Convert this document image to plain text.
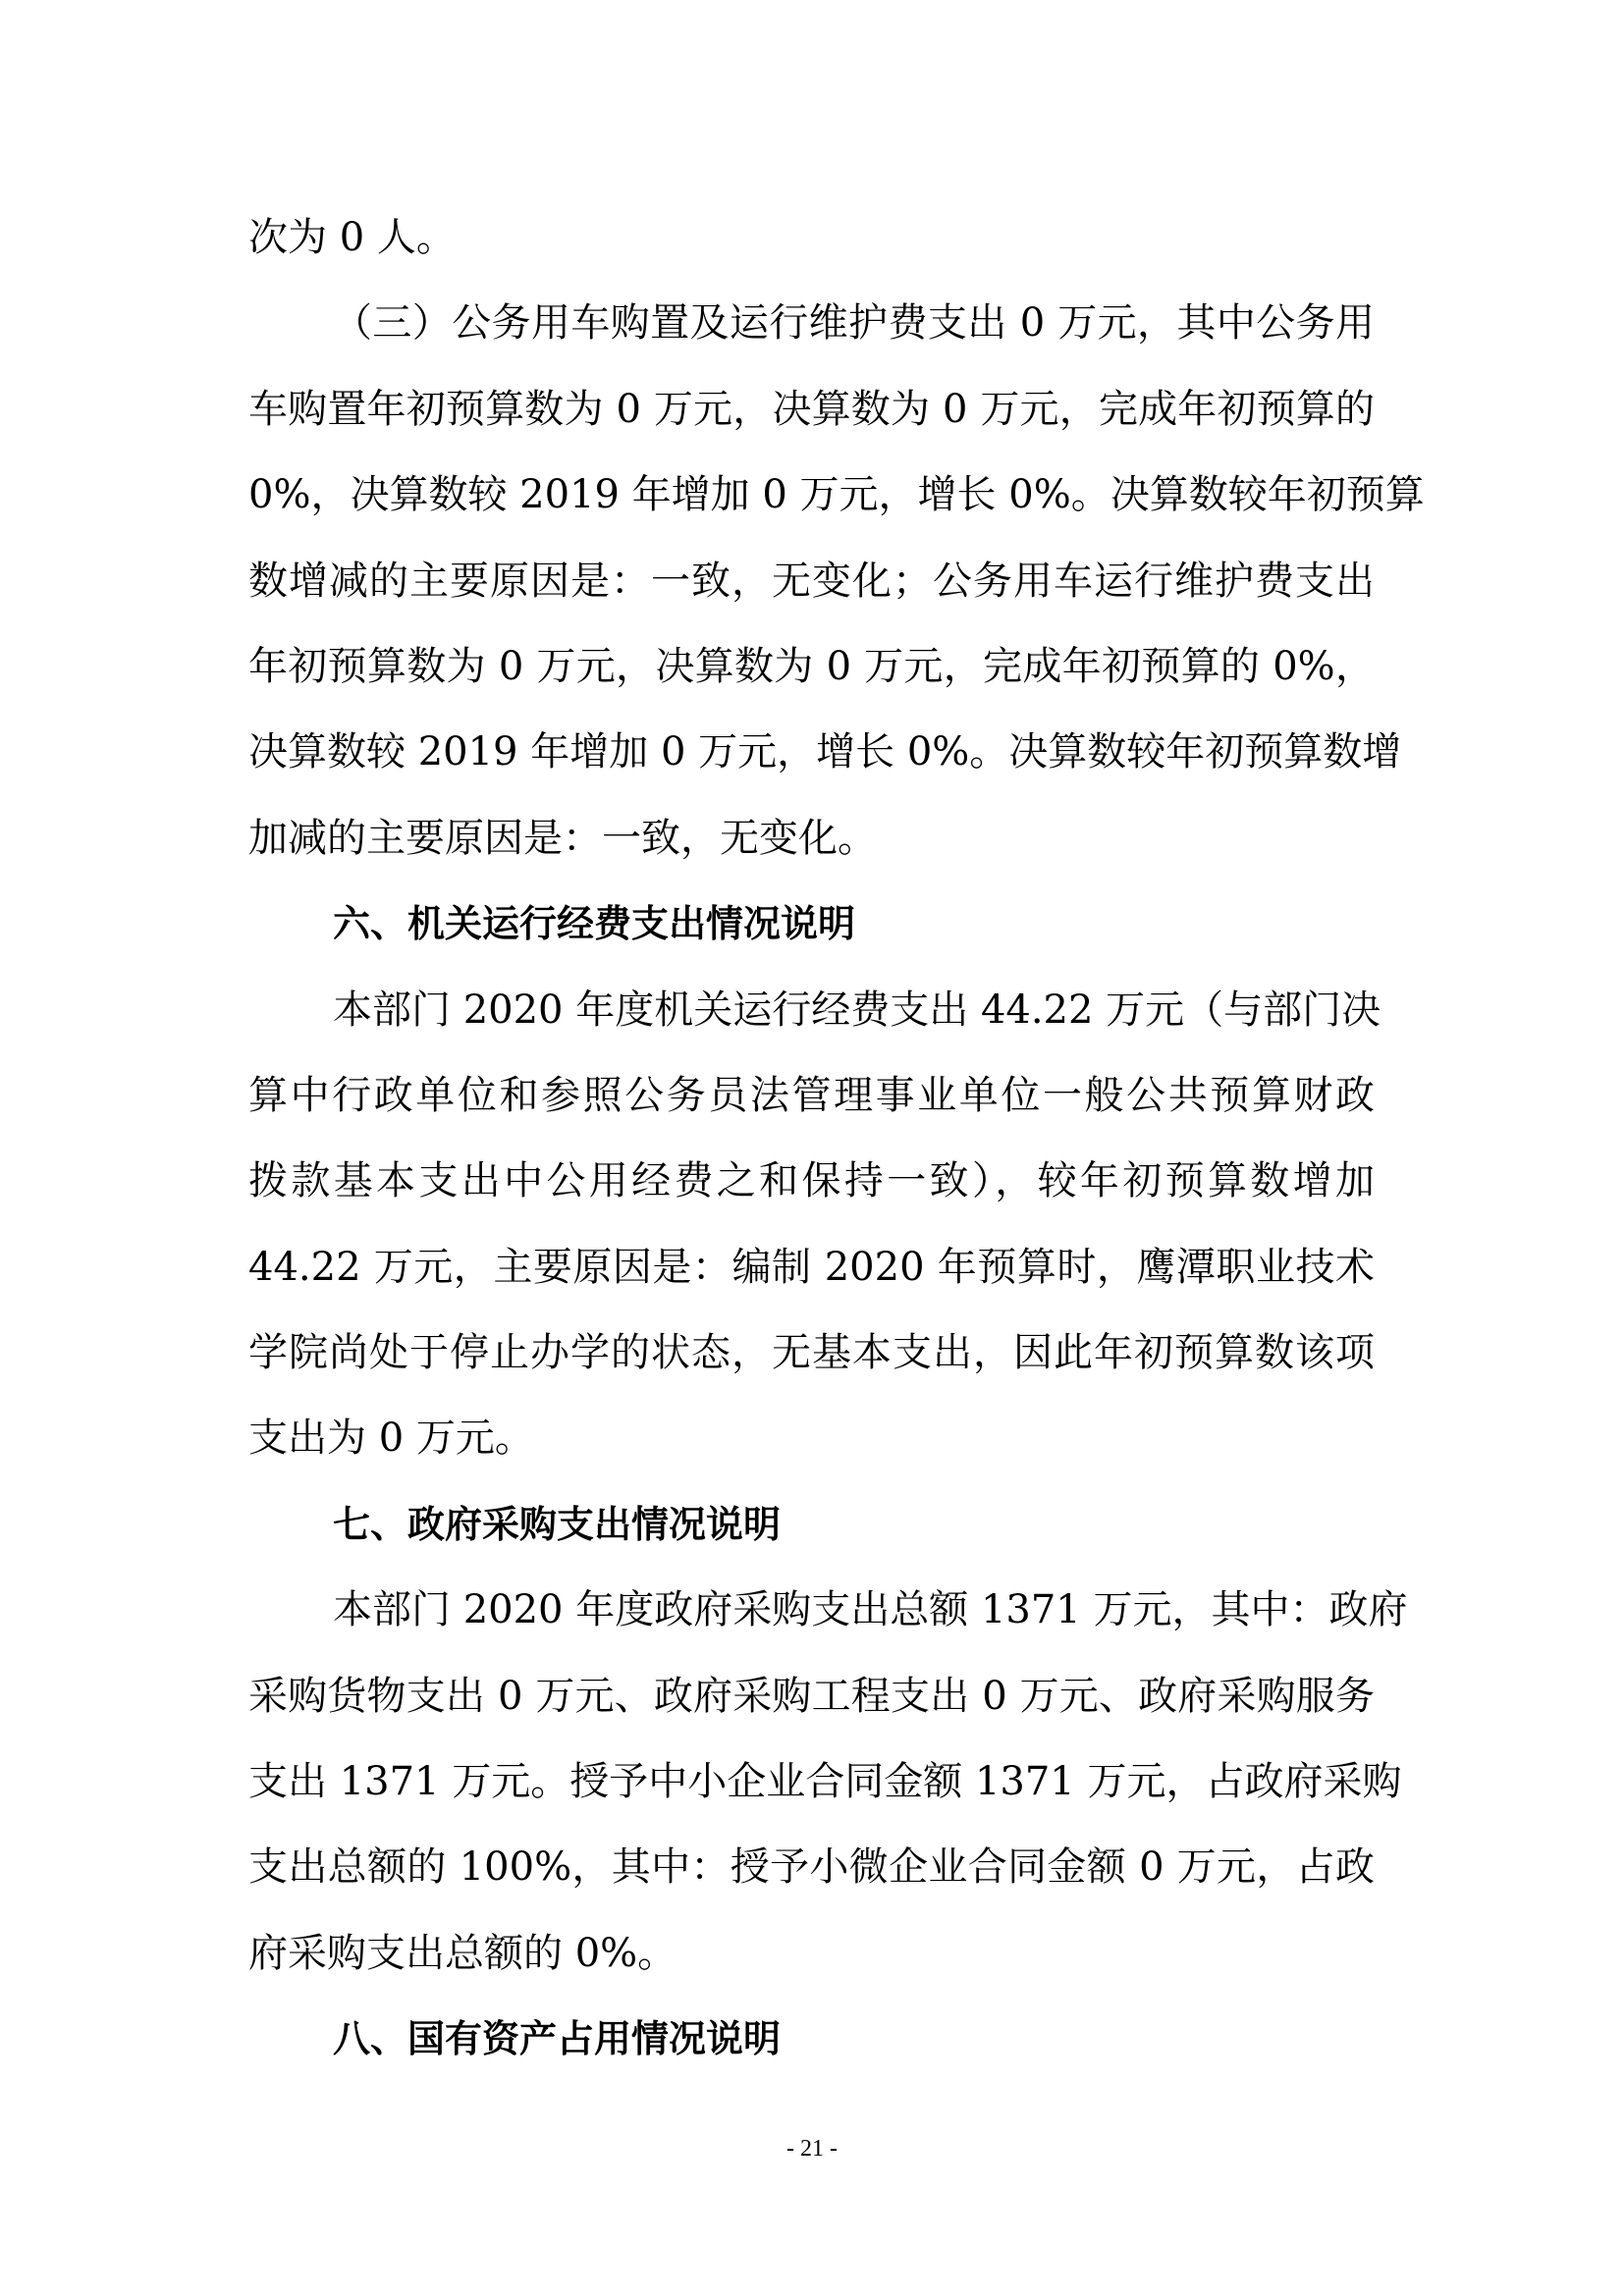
次为 0 人。
（三）公务用车购置及运行维护费支出 0 万元，其中公务用
车购置年初预算数为 0 万元，决算数为 0 万元，完成年初预算的
0%，决算数较 2019 年增加 0 万元，增长 0%。决算数较年初预算
数增减的主要原因是：一致，无变化；公务用车运行维护费支出
年初预算数为 0 万元，决算数为 0 万元，完成年初预算的 0%，
决算数较 2019 年增加 0 万元，增长 0%。决算数较年初预算数增
加减的主要原因是：一致，无变化。
六、机关运行经费支出情况说明
本部门 2020 年度机关运行经费支出 44.22 万元（与部门决
算中行政单位和参照公务员法管理事业单位一般公共预算财政
拨款基本支出中公用经费之和保持一致），较年初预算数增加
44.22 万元，主要原因是：编制 2020 年预算时，鹰潭职业技术
学院尚处于停止办学的状态，无基本支出，因此年初预算数该项
支出为 0 万元。
七、政府采购支出情况说明
本部门 2020 年度政府采购支出总额 1371 万元，其中：政府
采购货物支出 0 万元、政府采购工程支出 0 万元、政府采购服务
支出 1371 万元。授予中小企业合同金额 1371 万元，占政府采购
支出总额的 100%，其中：授予小微企业合同金额 0 万元，占政
府采购支出总额的 0%。
八、国有资产占用情况说明
- 21 -
